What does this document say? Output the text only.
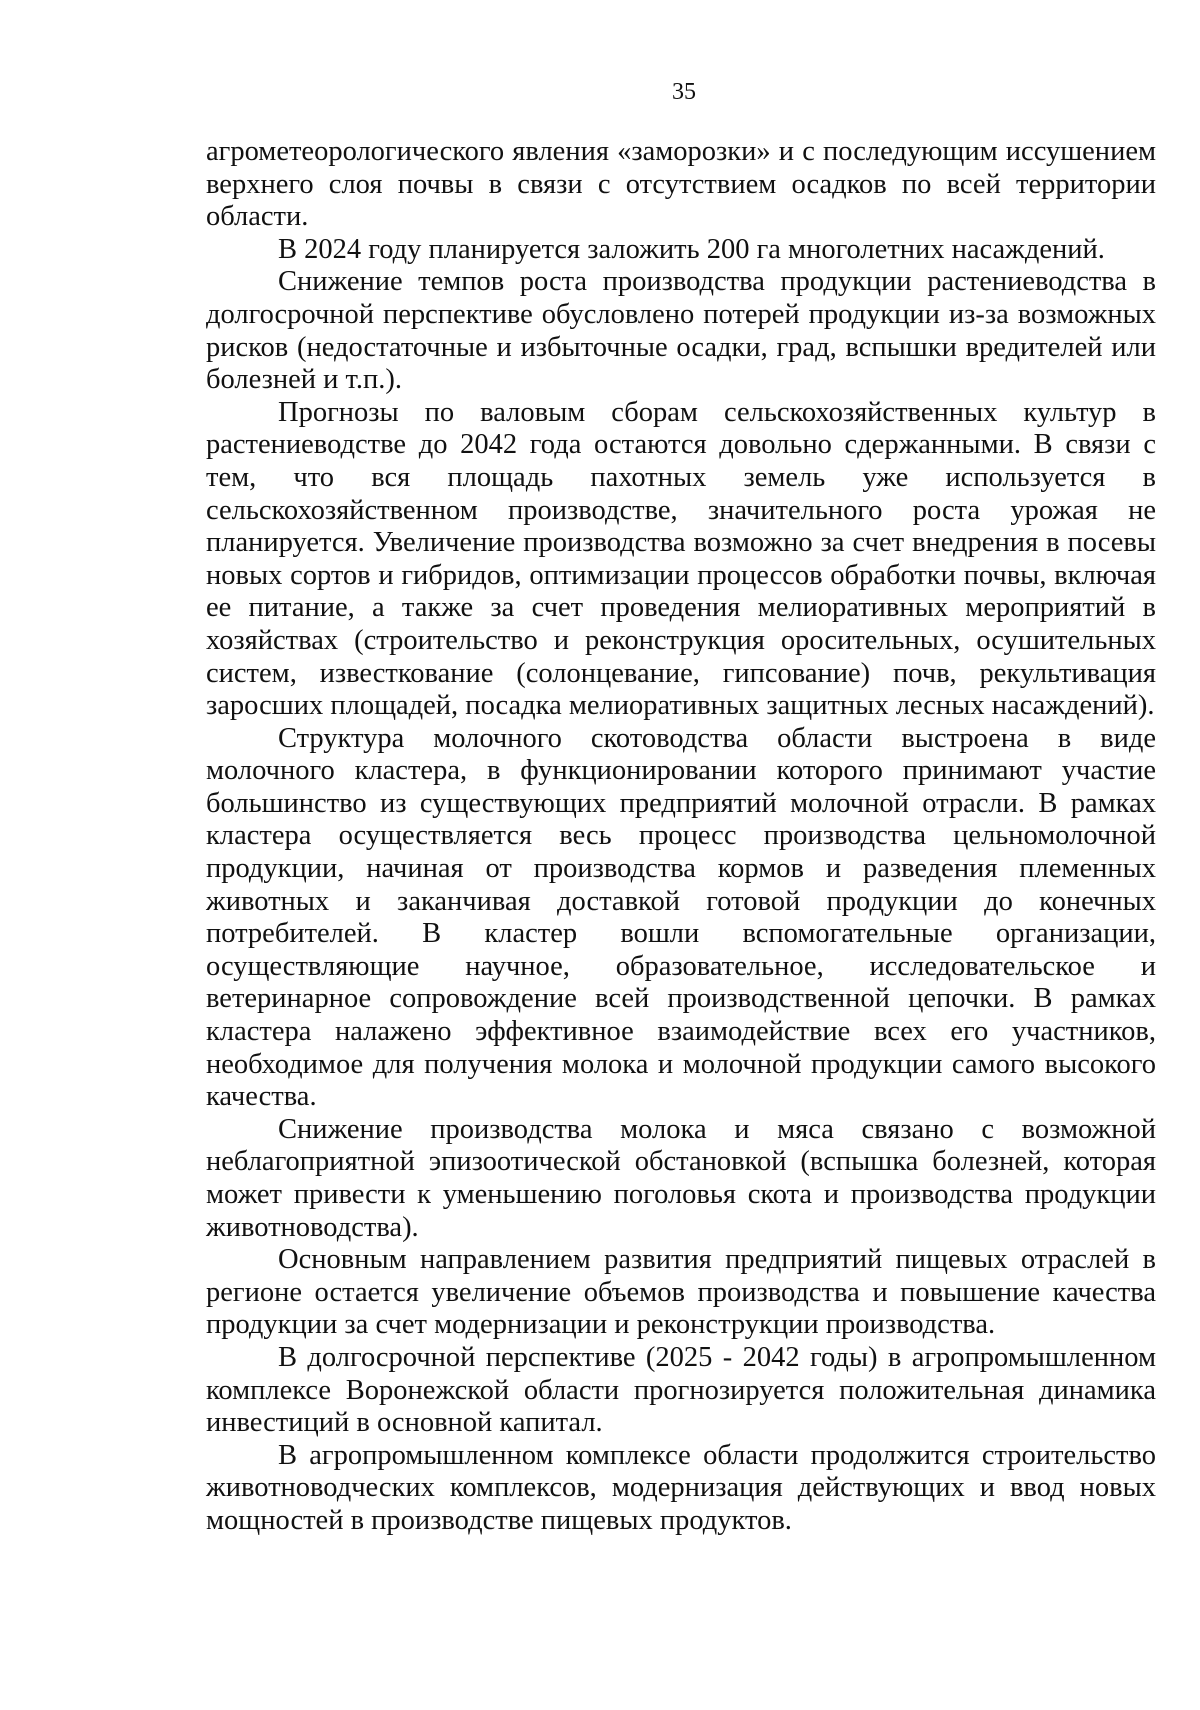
35

агрометеорологического явления «заморозки» и с последующим иссушением верхнего слоя почвы в связи с отсутствием осадков по всей территории области.

В 2024 году планируется заложить 200 га многолетних насаждений.

Снижение темпов роста производства продукции растениеводства в долгосрочной перспективе обусловлено потерей продукции из-за возможных рисков (недостаточные и избыточные осадки, град, вспышки вредителей или болезней и т.п.).

Прогнозы по валовым сборам сельскохозяйственных культур в растениеводстве до 2042 года остаются довольно сдержанными. В связи с тем, что вся площадь пахотных земель уже используется в сельскохозяйственном производстве, значительного роста урожая не планируется. Увеличение производства возможно за счет внедрения в посевы новых сортов и гибридов, оптимизации процессов обработки почвы, включая ее питание, а также за счет проведения мелиоративных мероприятий в хозяйствах (строительство и реконструкция оросительных, осушительных систем, известкование (солонцевание, гипсование) почв, рекультивация заросших площадей, посадка мелиоративных защитных лесных насаждений).

Структура молочного скотоводства области выстроена в виде молочного кластера, в функционировании которого принимают участие большинство из существующих предприятий молочной отрасли. В рамках кластера осуществляется весь процесс производства цельномолочной продукции, начиная от производства кормов и разведения племенных животных и заканчивая доставкой готовой продукции до конечных потребителей. В кластер вошли вспомогательные организации, осуществляющие научное, образовательное, исследовательское и ветеринарное сопровождение всей производственной цепочки. В рамках кластера налажено эффективное взаимодействие всех его участников, необходимое для получения молока и молочной продукции самого высокого качества.

Снижение производства молока и мяса связано с возможной неблагоприятной эпизоотической обстановкой (вспышка болезней, которая может привести к уменьшению поголовья скота и производства продукции животноводства).

Основным направлением развития предприятий пищевых отраслей в регионе остается увеличение объемов производства и повышение качества продукции за счет модернизации и реконструкции производства.

В долгосрочной перспективе (2025 - 2042 годы) в агропромышленном комплексе Воронежской области прогнозируется положительная динамика инвестиций в основной капитал.

В агропромышленном комплексе области продолжится строительство животноводческих комплексов, модернизация действующих и ввод новых мощностей в производстве пищевых продуктов.
